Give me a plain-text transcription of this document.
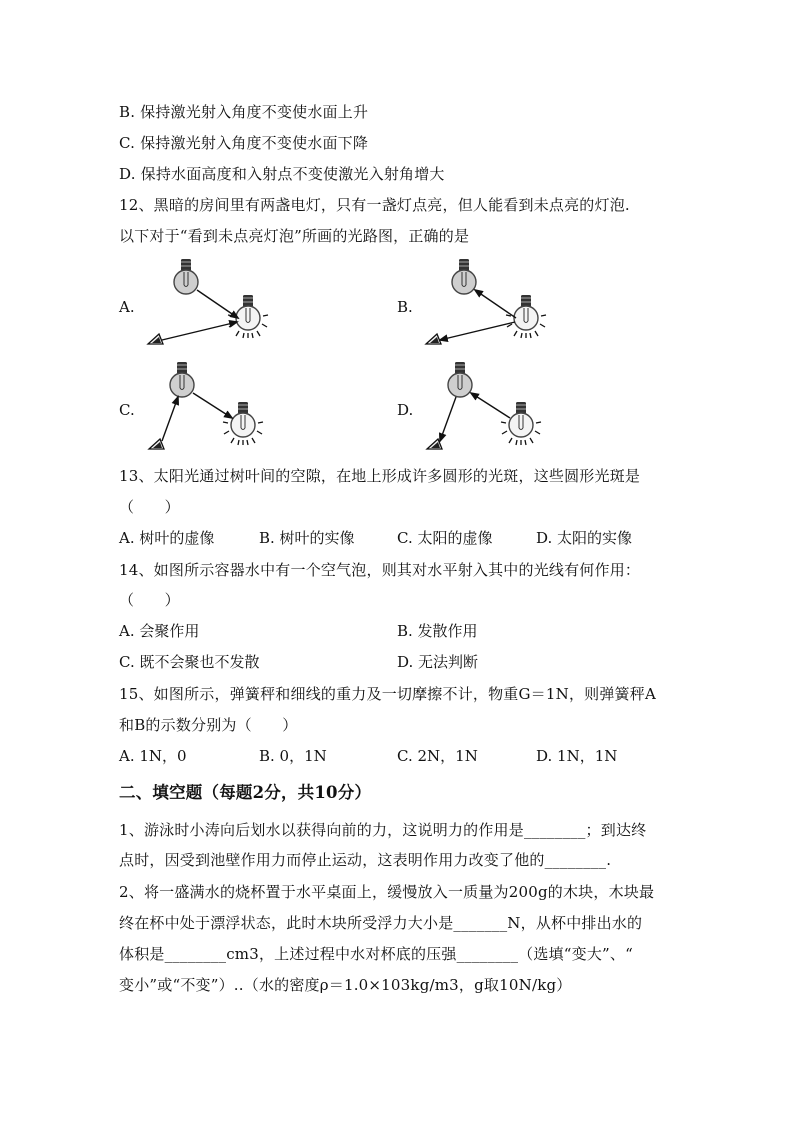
B. 保持激光射入角度不变使水面上升
C. 保持激光射入角度不变使水面下降
D. 保持水面高度和入射点不变使激光入射角增大
12、黑暗的房间里有两盏电灯，只有一盏灯点亮，但人能看到未点亮的灯泡.
以下对于“看到未点亮灯泡”所画的光路图，正确的是
A.	B.
C.	D.
13、太阳光通过树叶间的空隙，在地上形成许多圆形的光斑，这些圆形光斑是
（　　）
A. 树叶的虚像	B. 树叶的实像	C. 太阳的虚像	D. 太阳的实像
14、如图所示容器水中有一个空气泡，则其对水平射入其中的光线有何作用：
（　　）
A. 会聚作用	B. 发散作用
C. 既不会聚也不发散	D. 无法判断
15、如图所示，弹簧秤和细线的重力及一切摩擦不计，物重G＝1N，则弹簧秤A
和B的示数分别为（　　）
A. 1N，0	B. 0，1N	C. 2N，1N	D. 1N，1N
二、填空题（每题2分，共10分）
1、游泳时小涛向后划水以获得向前的力，这说明力的作用是________；到达终
点时，因受到池壁作用力而停止运动，这表明作用力改变了他的________.
2、将一盛满水的烧杯置于水平桌面上，缓慢放入一质量为200g的木块，木块最
终在杯中处于漂浮状态，此时木块所受浮力大小是_______N，从杯中排出水的
体积是________cm3，上述过程中水对杯底的压强________（选填“变大”、“
变小”或“不变”）..（水的密度ρ＝1.0×103kg/m3，g取10N/kg）
